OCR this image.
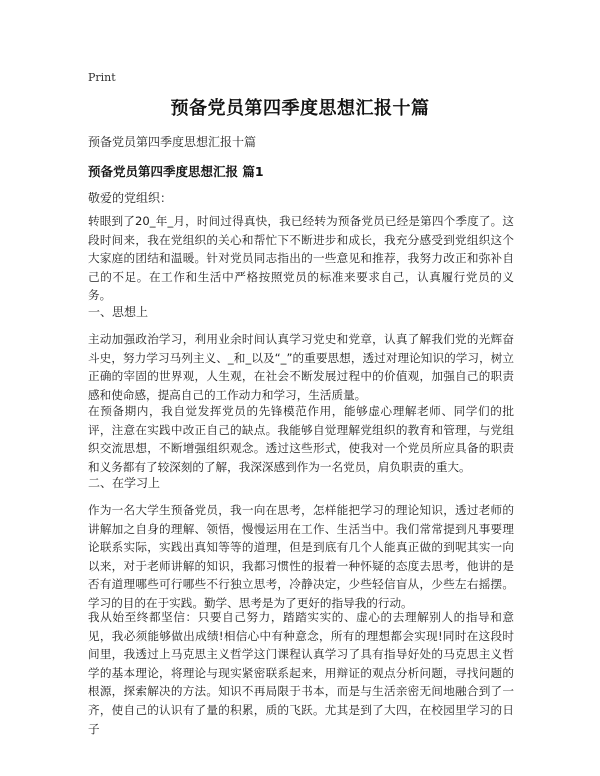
Print
预备党员第四季度思想汇报十篇
预备党员第四季度思想汇报十篇
预备党员第四季度思想汇报 篇1
敬爱的党组织：
转眼到了20_年_月，时间过得真快，我已经转为预备党员已经是第四个季度了。这段时间来，我在党组织的关心和帮忙下不断进步和成长，我充分感受到党组织这个大家庭的团结和温暖。针对党员同志指出的一些意见和推荐，我努力改正和弥补自己的不足。在工作和生活中严格按照党员的标准来要求自己，认真履行党员的义务。
一、思想上
主动加强政治学习，利用业余时间认真学习党史和党章，认真了解我们党的光辉奋斗史，努力学习马列主义、_和_以及“_”的重要思想，透过对理论知识的学习，树立正确的宰固的世界观，人生观，在社会不断发展过程中的价值观，加强自己的职责感和使命感，提高自己的工作动力和学习，生活质量。
在预备期内，我自觉发挥党员的先锋模范作用，能够虚心理解老师、同学们的批评，注意在实践中改正自己的缺点。我能够自觉理解党组织的教育和管理，与党组织交流思想，不断增强组织观念。透过这些形式，使我对一个党员所应具备的职责和义务都有了较深刻的了解，我深深感到作为一名党员，肩负职责的重大。
二、在学习上
作为一名大学生预备党员，我一向在思考，怎样能把学习的理论知识，透过老师的讲解加之自身的理解、领悟，慢慢运用在工作、生活当中。我们常常提到凡事要理论联系实际，实践出真知等等的道理，但是到底有几个人能真正做的到呢其实一向以来，对于老师讲解的知识，我都习惯性的报着一种怀疑的态度去思考，他讲的是否有道理哪些可行哪些不行独立思考，冷静决定，少些轻信盲从，少些左右摇摆。学习的目的在于实践。勤学、思考是为了更好的指导我的行动。
我从始至终都坚信：只要自己努力，踏踏实实的、虚心的去理解别人的指导和意见，我必须能够做出成绩!相信心中有种意念，所有的理想都会实现!同时在这段时间里，我透过上马克思主义哲学这门课程认真学习了具有指导好处的马克思主义哲学的基本理论，将理论与现实紧密联系起来，用辩证的观点分析问题，寻找问题的根源，探索解决的方法。知识不再局限于书本，而是与生活亲密无间地融合到了一齐，使自己的认识有了量的积累，质的飞跃。尤其是到了大四，在校园里学习的日子
